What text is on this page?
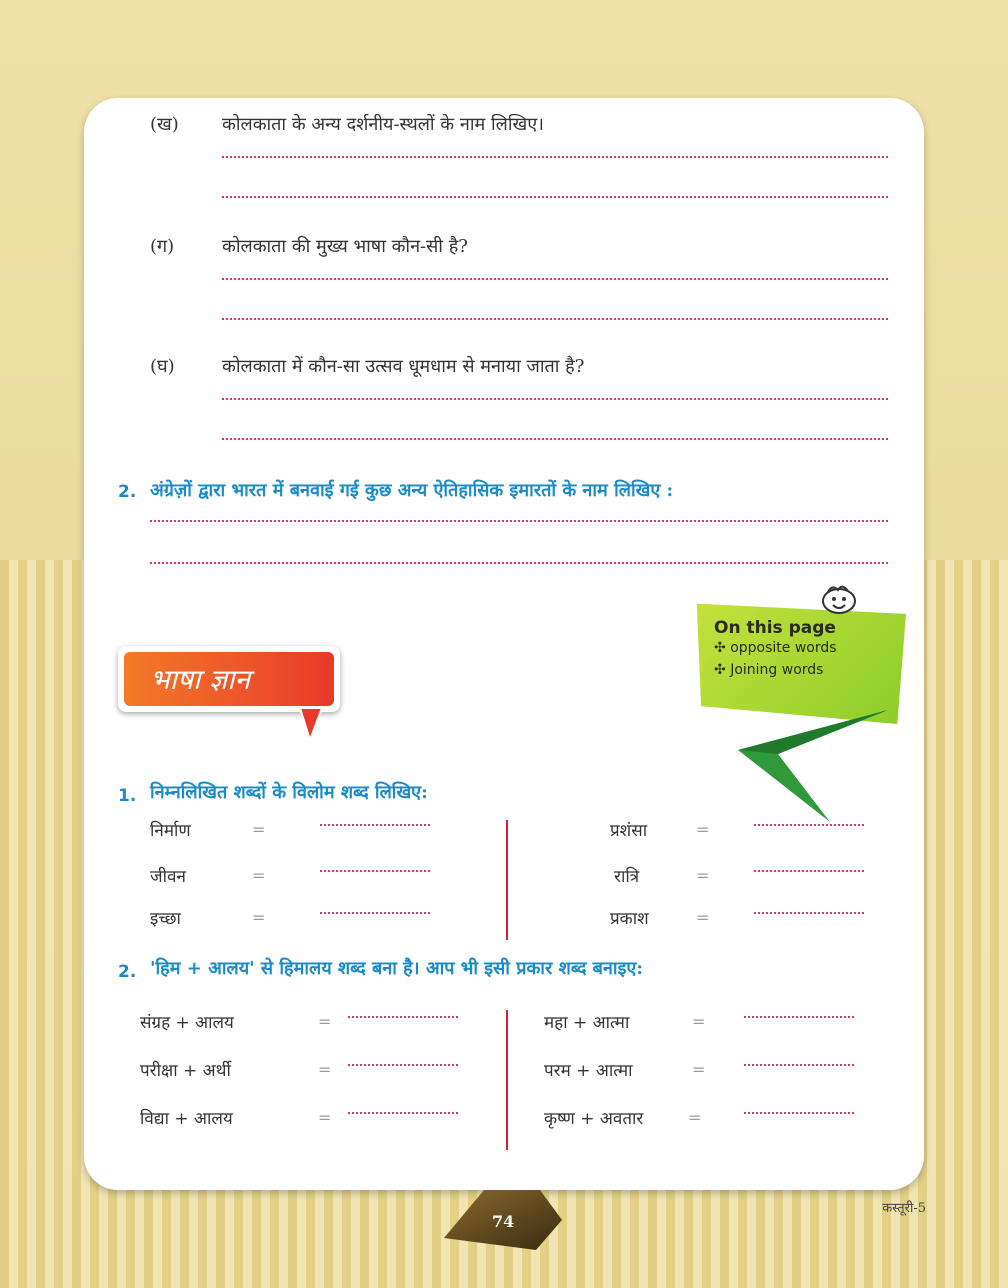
(ख) कोलकाता के अन्य दर्शनीय-स्थलों के नाम लिखिए।
(ग)	कोलकाता की मुख्य भाषा कौन-सी है?
(घ)	कोलकाता में कौन-सा उत्सव धूमधाम से मनाया जाता है?
2. अंग्रेज़ों द्वारा भारत में बनवाई गई कुछ अन्य ऐतिहासिक इमारतों के नाम लिखिए :
भाषा ज्ञान
On this page
✣ opposite words
✣ Joining words
1. निम्नलिखित शब्दों के विलोम शब्द लिखिए:
निर्माण	=
जीवन	=
इच्छा	=
प्रशंसा	=
रात्रि	=
प्रकाश	=
2. 'हिम + आलय' से हिमालय शब्द बना है। आप भी इसी प्रकार शब्द बनाइए:
संग्रह + आलय	=
परीक्षा + अर्थी	=
विद्या + आलय	=
महा + आत्मा	=
परम + आत्मा	=
कृष्ण + अवतार	=
74
कस्तूरी-5
